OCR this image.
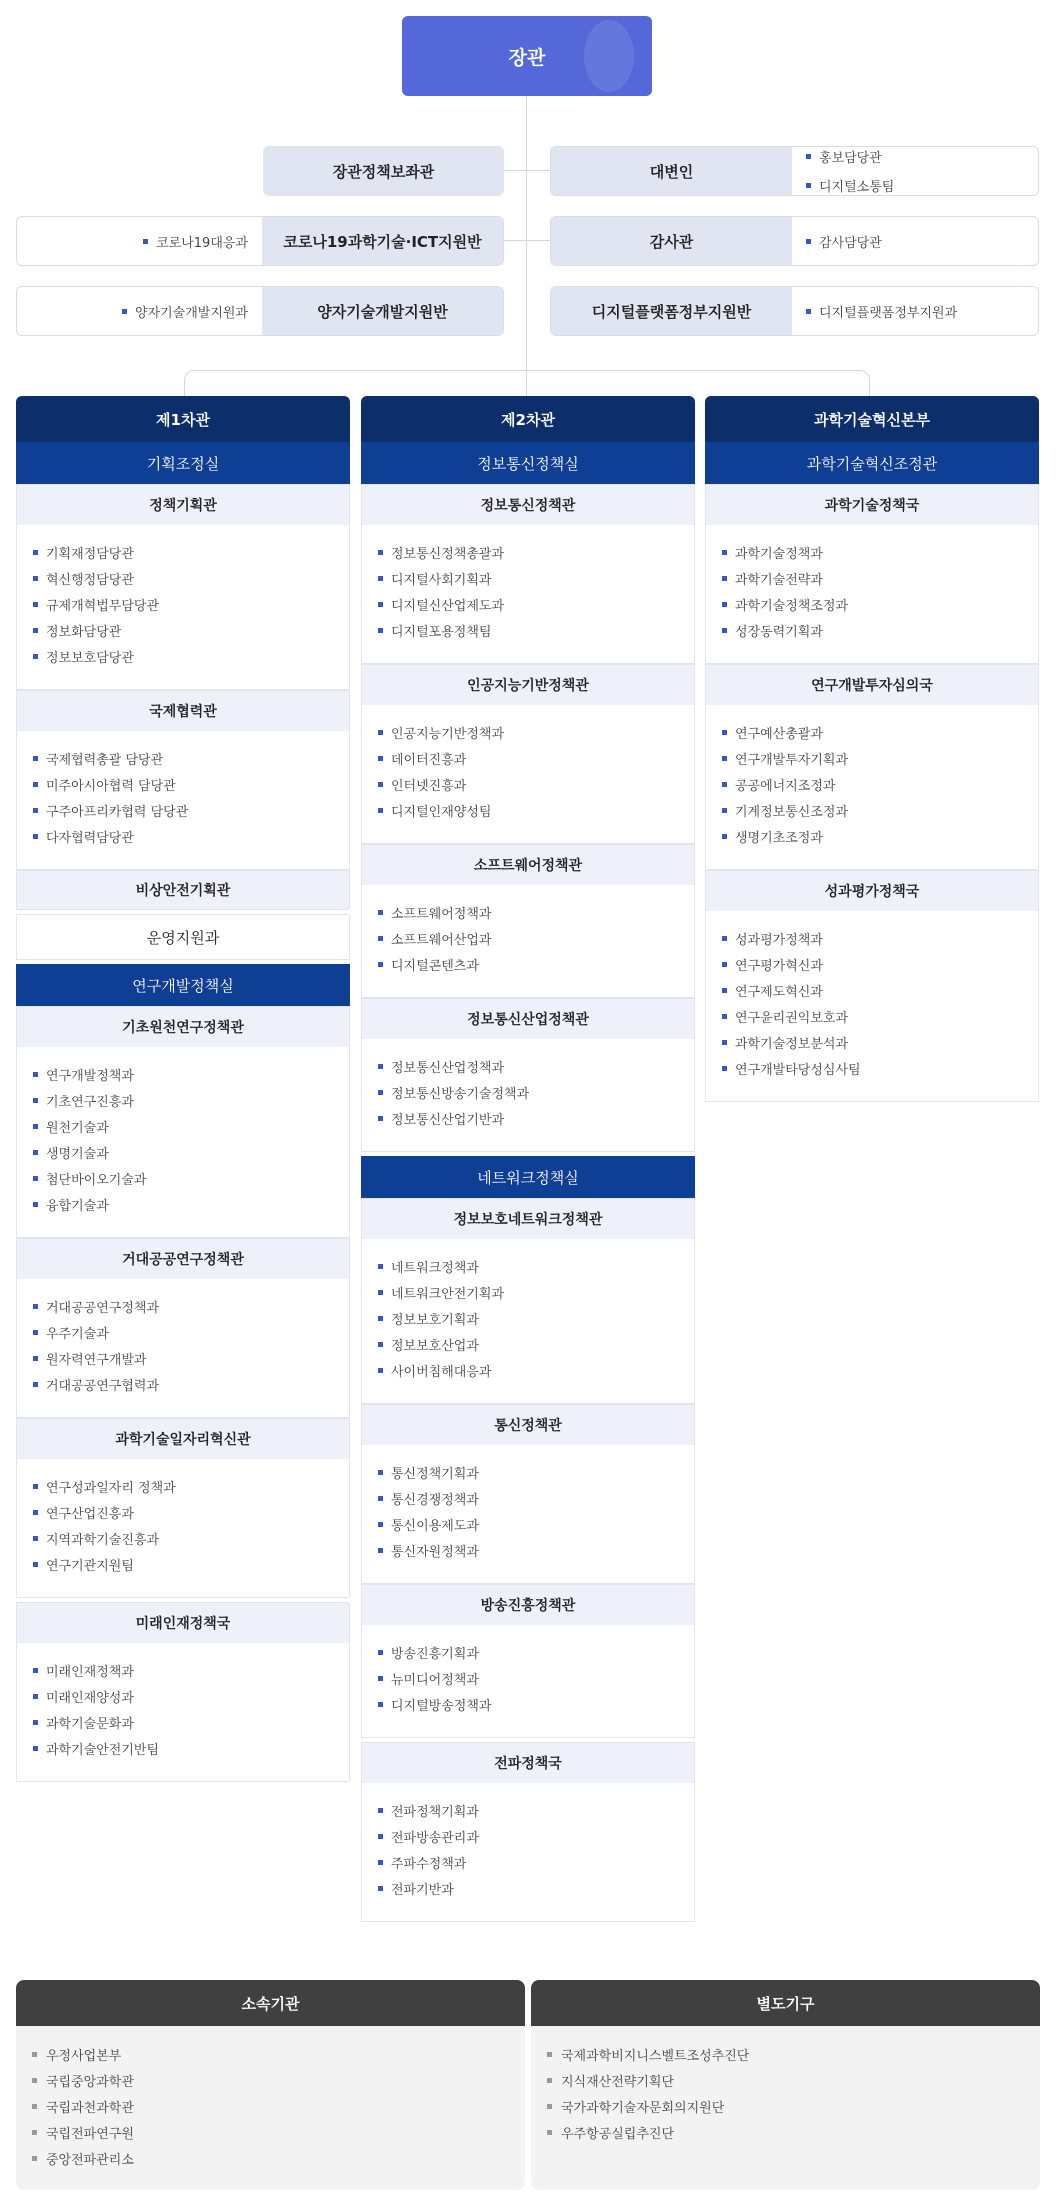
장관
장관정책보좌관	대변인
홍보담당관
디지털소통팀
코로나19대응과	코로나19과학기술·ICT지원반	감사관	감사담당관
양자기술개발지원과	양자기술개발지원반	디지털플랫폼정부지원반	디지털플랫폼정부지원과
제1차관
기획조정실
정책기획관
기획재정담당관
혁신행정담당관
규제개혁법무담당관
정보화담당관
정보보호담당관
국제협력관
국제협력총괄 담당관
미주아시아협력 담당관
구주아프리카협력 담당관
다자협력담당관
비상안전기획관
운영지원과
연구개발정책실
기초원천연구정책관
연구개발정책과
기초연구진흥과
원천기술과
생명기술과
첨단바이오기술과
융합기술과
거대공공연구정책관
거대공공연구정책과
우주기술과
원자력연구개발과
거대공공연구협력과
과학기술일자리혁신관
연구성과일자리 정책과
연구산업진흥과
지역과학기술진흥과
연구기관지원팀
미래인재정책국
미래인재정책과
미래인재양성과
과학기술문화과
과학기술안전기반팀
제2차관
정보통신정책실
정보통신정책관
정보통신정책총괄과
디지털사회기획과
디지털신산업제도과
디지털포용정책팀
인공지능기반정책관
인공지능기반정책과
데이터진흥과
인터넷진흥과
디지털인재양성팀
소프트웨어정책관
소프트웨어정책과
소프트웨어산업과
디지털콘텐츠과
정보통신산업정책관
정보통신산업정책과
정보통신방송기술정책과
정보통신산업기반과
네트워크정책실
정보보호네트워크정책관
네트워크정책과
네트워크안전기획과
정보보호기획과
정보보호산업과
사이버침해대응과
통신정책관
통신정책기획과
통신경쟁정책과
통신이용제도과
통신자원정책과
방송진흥정책관
방송진흥기획과
뉴미디어정책과
디지털방송정책과
전파정책국
전파정책기획과
전파방송관리과
주파수정책과
전파기반과
과학기술혁신본부
과학기술혁신조정관
과학기술정책국
과학기술정책과
과학기술전략과
과학기술정책조정과
성장동력기획과
연구개발투자심의국
연구예산총괄과
연구개발투자기획과
공공에너지조정과
기계정보통신조정과
생명기초조정과
성과평가정책국
성과평가정책과
연구평가혁신과
연구제도혁신과
연구윤리권익보호과
과학기술정보분석과
연구개발타당성심사팀
소속기관
우정사업본부
국립중앙과학관
국립과천과학관
국립전파연구원
중앙전파관리소
별도기구
국제과학비지니스벨트조성추진단
지식재산전략기획단
국가과학기술자문회의지원단
우주항공실립추진단
